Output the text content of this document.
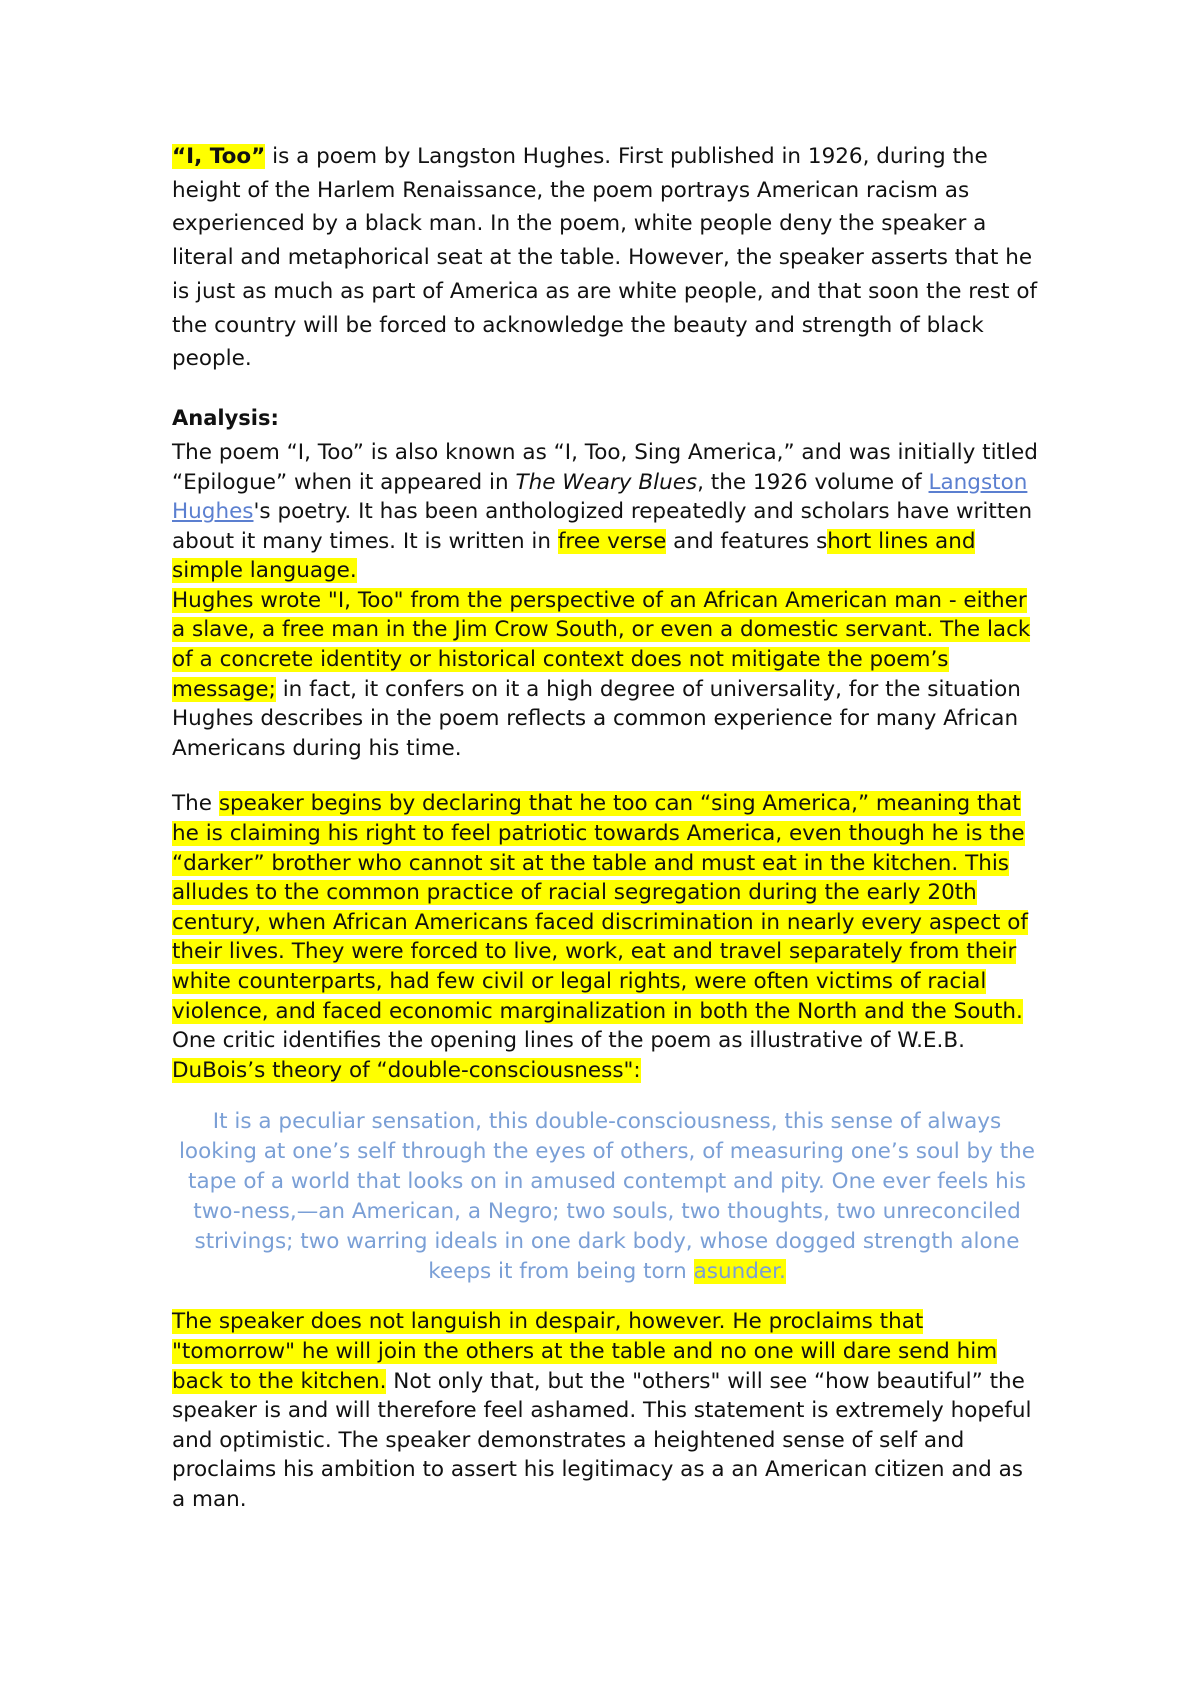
“I, Too” is a poem by Langston Hughes. First published in 1926, during the height of the Harlem Renaissance, the poem portrays American racism as experienced by a black man. In the poem, white people deny the speaker a literal and metaphorical seat at the table. However, the speaker asserts that he is just as much as part of America as are white people, and that soon the rest of the country will be forced to acknowledge the beauty and strength of black people.

Analysis:

The poem “I, Too” is also known as “I, Too, Sing America,” and was initially titled “Epilogue” when it appeared in The Weary Blues, the 1926 volume of Langston Hughes's poetry. It has been anthologized repeatedly and scholars have written about it many times. It is written in free verse and features short lines and simple language.

Hughes wrote "I, Too" from the perspective of an African American man - either a slave, a free man in the Jim Crow South, or even a domestic servant. The lack of a concrete identity or historical context does not mitigate the poem’s message; in fact, it confers on it a high degree of universality, for the situation Hughes describes in the poem reflects a common experience for many African Americans during his time.

The speaker begins by declaring that he too can “sing America,” meaning that he is claiming his right to feel patriotic towards America, even though he is the “darker” brother who cannot sit at the table and must eat in the kitchen. This alludes to the common practice of racial segregation during the early 20th century, when African Americans faced discrimination in nearly every aspect of their lives. They were forced to live, work, eat and travel separately from their white counterparts, had few civil or legal rights, were often victims of racial violence, and faced economic marginalization in both the North and the South. One critic identifies the opening lines of the poem as illustrative of W.E.B. DuBois’s theory of “double-consciousness":

It is a peculiar sensation, this double-consciousness, this sense of always looking at one’s self through the eyes of others, of measuring one’s soul by the tape of a world that looks on in amused contempt and pity. One ever feels his two-ness,—an American, a Negro; two souls, two thoughts, two unreconciled strivings; two warring ideals in one dark body, whose dogged strength alone keeps it from being torn asunder.

The speaker does not languish in despair, however. He proclaims that "tomorrow" he will join the others at the table and no one will dare send him back to the kitchen. Not only that, but the "others" will see “how beautiful” the speaker is and will therefore feel ashamed. This statement is extremely hopeful and optimistic. The speaker demonstrates a heightened sense of self and proclaims his ambition to assert his legitimacy as a an American citizen and as a man.
